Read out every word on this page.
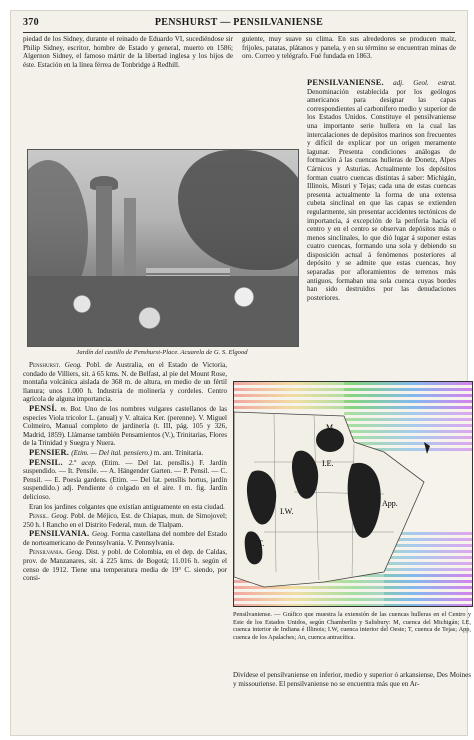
370	PENSHURST — PENSILVANIENSE

piedad de los Sidney, durante el reinado de Eduardo VI, sucediéndose sir Philip Sidney, escritor, hombre de Estado y general, muerto en 1586; Algernon Sidney, el famoso mártir de la libertad inglesa y los hijos de éste. Estación en la línea férrea de Tonbridge á Redhill.

guiente, muy suave su clima. En sus alrededores se producen maíz, frijoles, patatas, plátanos y panela, y en su término se encuentran minas de oro. Correo y telégrafo. Fué fundada en 1863.

PENSILVANIENSE. adj. Geol. estrat. Denominación establecida por los geólogos americanos para designar las capas correspondientes al carbonífero medio y superior de los Estados Unidos. Constituye el pensilvaniense una importante serie hullera en la cual las intercalaciones de depósitos marinos son frecuentes y difícil de explicar por un origen meramente lagunar. Presenta condiciones análogas de formación á las cuencas hulleras de Donetz, Alpes Cárnicos y Asturias. Actualmente los depósitos forman cuatro cuencas distintas á saber: Michigán, Illinois, Misuri y Tejas; cada una de estas cuencas presenta actualmente la forma de una extensa cubeta sinclinal en que las capas se extienden regularmente, sin presentar accidentes tectónicos de importancia, á excepción de la periferia hacia el centro y en el centro se observan depósitos más o menos sinclinales, lo que dió lugar á suponer estas cuatro cuencas, formando una sola y debiendo su disposición actual á fenómenos posteriores al depósito y se admite que estas cuencas, hoy separadas por afloramientos de terrenos más antiguos, formaban una sola cuenca cuyas bordes han sido destruidos por las denudaciones posteriores.

Jardín del castillo de Penshurst-Place. Acuarela de G. S. Elgood

Penshurst. Geog. Pobl. de Australia, en el Estado de Victoria, condado de Villiers, sit. á 65 kms. N. de Belfast, al pie del Mount Rose, montaña volcánica aislada de 368 m. de altura, en medio de un fértil llanura; unos 1.000 h. Industria de molinería y cordeles. Centro agrícola de alguna importancia.

PENSÍ. m. Bot. Uno de los nombres vulgares castellanos de las especies Viola tricolor L. (anual) y V. altaica Ker. (perenne). V. Miguel Colmeiro, Manual completo de jardinería (t. III, pág. 105 y 326, Madrid, 1859). Llámanse también Pensamientos (V.), Trinitarias, Flores de la Trinidad y Suegra y Nuera.

PENSIER. (Etim. — Del ital. pensiero.) m. ant. Trinitaria.

PENSIL. 2.ª acep. (Etim. — Del lat. pensĭlis.) F. Jardín suspendido. — It. Pensile. — A. Hängender Garten. — P. Pensil. — C. Pensil. — E. Poesía gardens. (Etim. — Del lat. pensĭlis hortus, jardín suspendido.) adj. Pendiente ó colgado en el aire. ‖ m. fig. Jardín delicioso.

Eran los jardines colgantes que existían antiguamente en esta ciudad.

Pensil. Geog. Pobl. de Méjico, Est. de Chiapas, mun. de Simojovel; 250 h. ‖ Rancho en el Distrito Federal, mun. de Tlalpam.

PENSILVANIA. Geog. Forma castellana del nombre del Estado de norteamericano de Pennsylvania. V. Pennsylvania.

Pensilvania. Geog. Dist. y pobl. de Colombia, en el dep. de Caldas, prov. de Manzanares, sit. á 225 kms. de Bogotá; 11.016 h. según el censo de 1912. Tiene una temperatura media de 19° C. siendo, por consi-

M.
I.E.
I.W.
App.
T.
Pensilvaniense. — Gráfico que muestra la extensión de las cuencas hulleras en el Centro y Este de los Estados Unidos, según Chamberlin y Salisbury: M, cuenca del Michigán; I.E, cuenca interior de Indiana é Illinois; I.W, cuenca interior del Oeste; T, cuenca de Tejas; App, cuenca de los Apalaches; An, cuenca antracítica.
Divídese el pensilvaniense en inferior, medio y superior ó arkansiense, Des Moines y missouriense. El pensilvaniense no se encuentra más que en Ar-
